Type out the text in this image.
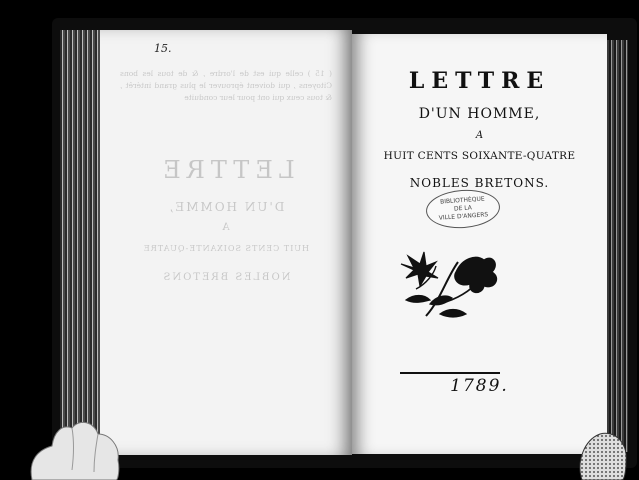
( 15 ) celle qui est de l'ordre , & de tous les bons Citoyens , qui doivent éprouver le plus grand intérêt , & tous ceux qui ont pour leur conduite
LETTRE
D'UN HOMME,
A
HUIT CENTS SOIXANTE-QUATRE
NOBLES BRETONS
15.
LETTRE
D'UN HOMME,
A
HUIT CENTS SOIXANTE-QUATRE
NOBLES BRETONS.
BIBLIOTHÈQUE
DE LA
VILLE D'ANGERS
1789.
